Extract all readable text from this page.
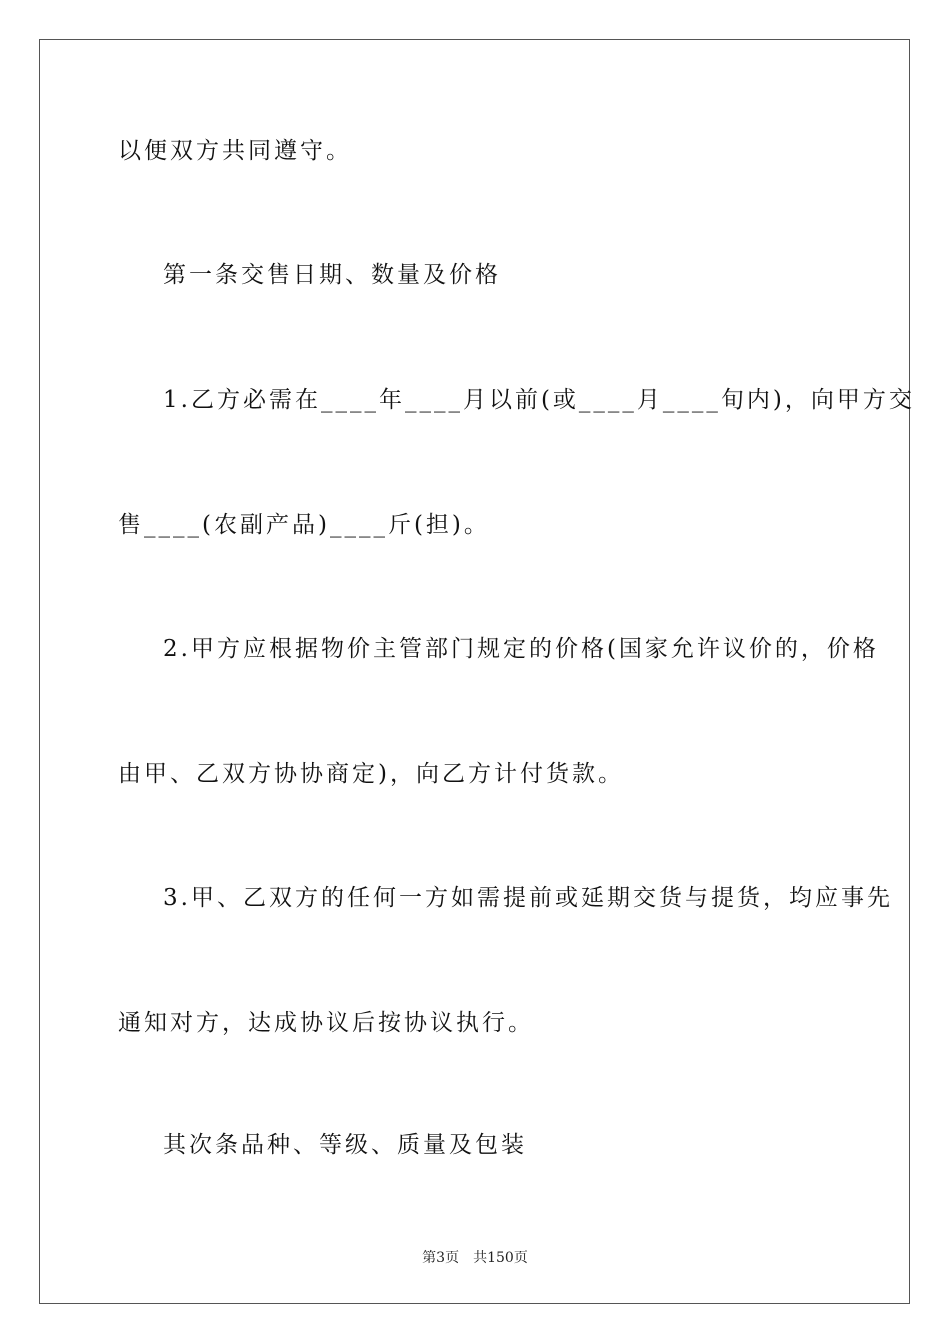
以便双方共同遵守。
第一条交售日期、数量及价格
1.乙方必需在____年____月以前(或____月____旬内)，向甲方交
售____(农副产品)____斤(担)。
2.甲方应根据物价主管部门规定的价格(国家允许议价的，价格
由甲、乙双方协协商定)，向乙方计付货款。
3.甲、乙双方的任何一方如需提前或延期交货与提货，均应事先
通知对方，达成协议后按协议执行。
其次条品种、等级、质量及包装
第3页 共150页
